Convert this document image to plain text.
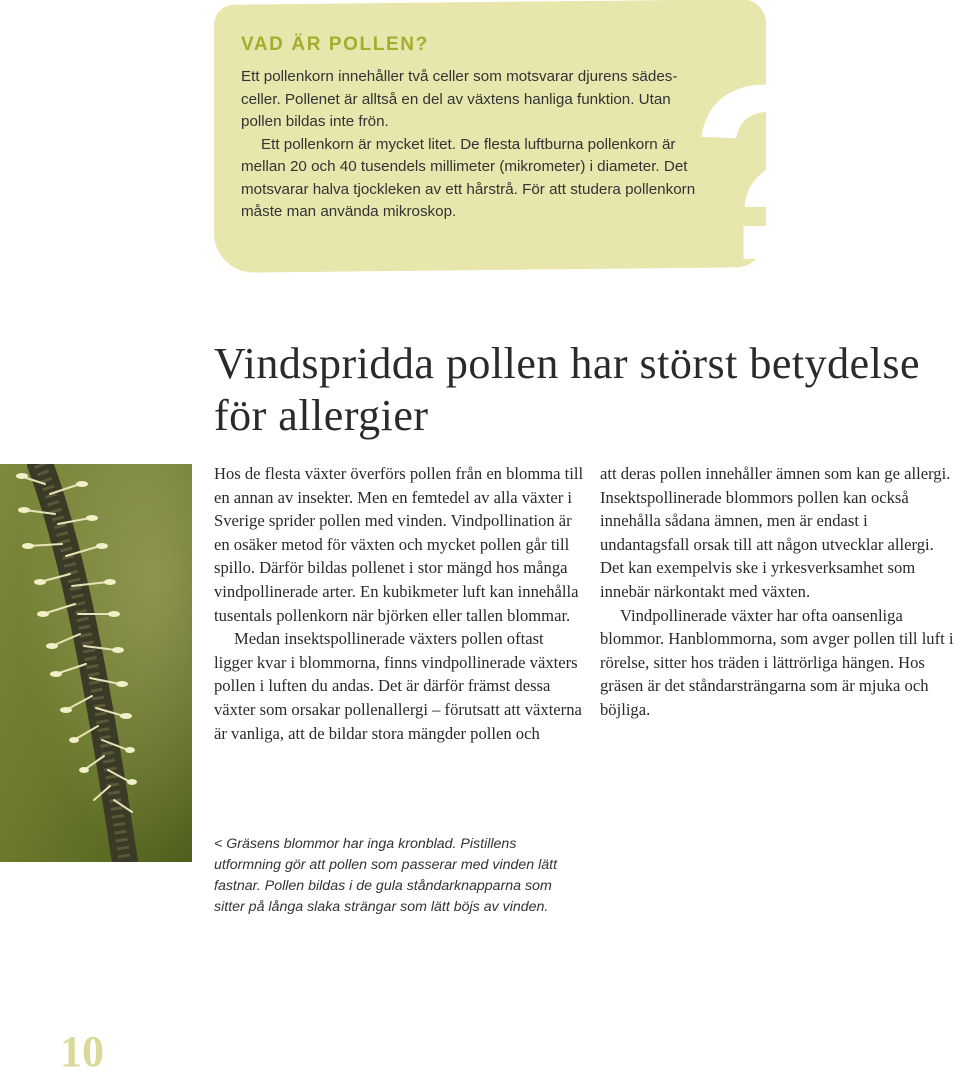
?
VAD ÄR POLLEN?

Ett pollenkorn innehåller två celler som motsvarar djurens sädes-celler. Pollenet är alltså en del av växtens hanliga funktion. Utan pollen bildas inte frön.

Ett pollenkorn är mycket litet. De flesta luftburna pollenkorn är mellan 20 och 40 tusendels millimeter (mikrometer) i diameter. Det motsvarar halva tjockleken av ett hårstrå. För att studera pollenkorn måste man använda mikroskop.

Vindspridda pollen har störst betydelse för allergier

Hos de flesta växter överförs pollen från en blomma till en annan av insekter. Men en femtedel av alla växter i Sverige sprider pollen med vinden. Vindpollination är en osäker metod för växten och mycket pollen går till spillo. Därför bildas pollenet i stor mängd hos många vindpollinerade arter. En kubikmeter luft kan innehålla tusentals pollenkorn när björken eller tallen blommar.

Medan insektspollinerade växters pollen oftast ligger kvar i blommorna, finns vindpollinerade växters pollen i luften du andas. Det är därför främst dessa växter som orsakar pollenallergi – förutsatt att växterna är vanliga, att de bildar stora mängder pollen och

att deras pollen innehåller ämnen som kan ge allergi. Insektspollinerade blommors pollen kan också innehålla sådana ämnen, men är endast i undantagsfall orsak till att någon utvecklar allergi. Det kan exempelvis ske i yrkesverksamhet som innebär närkontakt med växten.

Vindpollinerade växter har ofta oansenliga blommor. Hanblommorna, som avger pollen till luft i rörelse, sitter hos träden i lättrörliga hängen. Hos gräsen är det ståndarsträngarna som är mjuka och böjliga.

< Gräsens blommor har inga kronblad. Pistillens utformning gör att pollen som passerar med vinden lätt fastnar. Pollen bildas i de gula ståndarknapparna som sitter på långa slaka strängar som lätt böjs av vinden.
10
